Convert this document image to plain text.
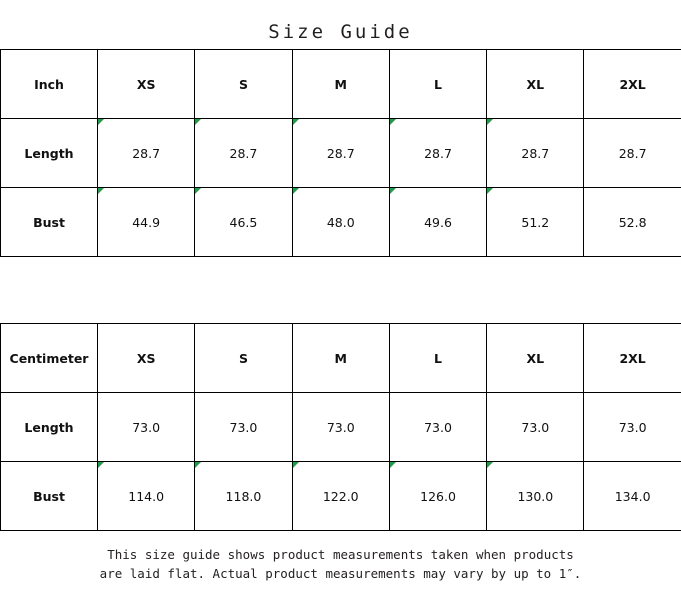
Size Guide
Inch	XS	S	M	L	XL	2XL
Length	28.7	28.7	28.7	28.7	28.7	28.7
Bust	44.9	46.5	48.0	49.6	51.2	52.8
Centimeter	XS	S	M	L	XL	2XL
Length	73.0	73.0	73.0	73.0	73.0	73.0
Bust	114.0	118.0	122.0	126.0	130.0	134.0
This size guide shows product measurements taken when products
are laid flat. Actual product measurements may vary by up to 1″.
